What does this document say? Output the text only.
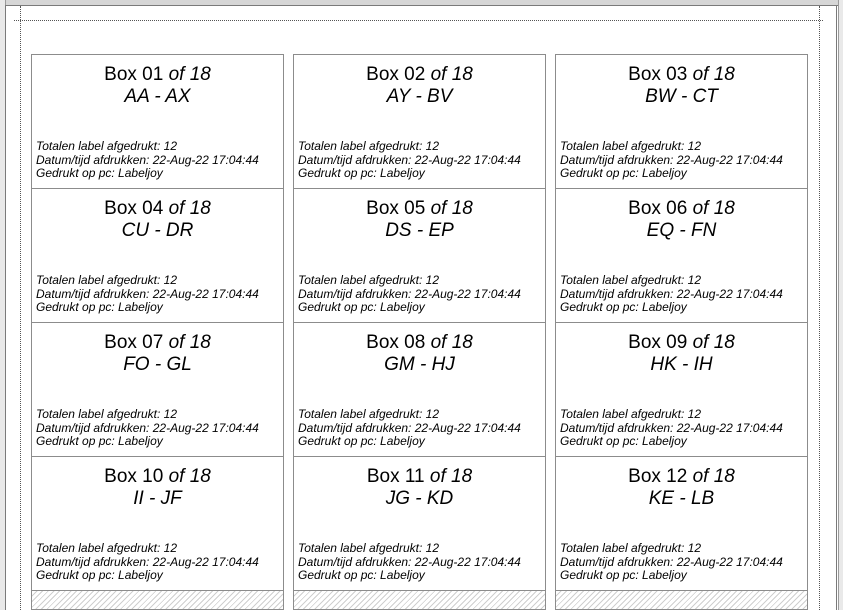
Box 01 of 18
AA - AX
Totalen label afgedrukt: 12
Datum/tijd afdrukken: 22-Aug-22 17:04:44
Gedrukt op pc: Labeljoy
Box 02 of 18
AY - BV
Totalen label afgedrukt: 12
Datum/tijd afdrukken: 22-Aug-22 17:04:44
Gedrukt op pc: Labeljoy
Box 03 of 18
BW - CT
Totalen label afgedrukt: 12
Datum/tijd afdrukken: 22-Aug-22 17:04:44
Gedrukt op pc: Labeljoy
Box 04 of 18
CU - DR
Totalen label afgedrukt: 12
Datum/tijd afdrukken: 22-Aug-22 17:04:44
Gedrukt op pc: Labeljoy
Box 05 of 18
DS - EP
Totalen label afgedrukt: 12
Datum/tijd afdrukken: 22-Aug-22 17:04:44
Gedrukt op pc: Labeljoy
Box 06 of 18
EQ - FN
Totalen label afgedrukt: 12
Datum/tijd afdrukken: 22-Aug-22 17:04:44
Gedrukt op pc: Labeljoy
Box 07 of 18
FO - GL
Totalen label afgedrukt: 12
Datum/tijd afdrukken: 22-Aug-22 17:04:44
Gedrukt op pc: Labeljoy
Box 08 of 18
GM - HJ
Totalen label afgedrukt: 12
Datum/tijd afdrukken: 22-Aug-22 17:04:44
Gedrukt op pc: Labeljoy
Box 09 of 18
HK - IH
Totalen label afgedrukt: 12
Datum/tijd afdrukken: 22-Aug-22 17:04:44
Gedrukt op pc: Labeljoy
Box 10 of 18
II - JF
Totalen label afgedrukt: 12
Datum/tijd afdrukken: 22-Aug-22 17:04:44
Gedrukt op pc: Labeljoy
Box 11 of 18
JG - KD
Totalen label afgedrukt: 12
Datum/tijd afdrukken: 22-Aug-22 17:04:44
Gedrukt op pc: Labeljoy
Box 12 of 18
KE - LB
Totalen label afgedrukt: 12
Datum/tijd afdrukken: 22-Aug-22 17:04:44
Gedrukt op pc: Labeljoy
